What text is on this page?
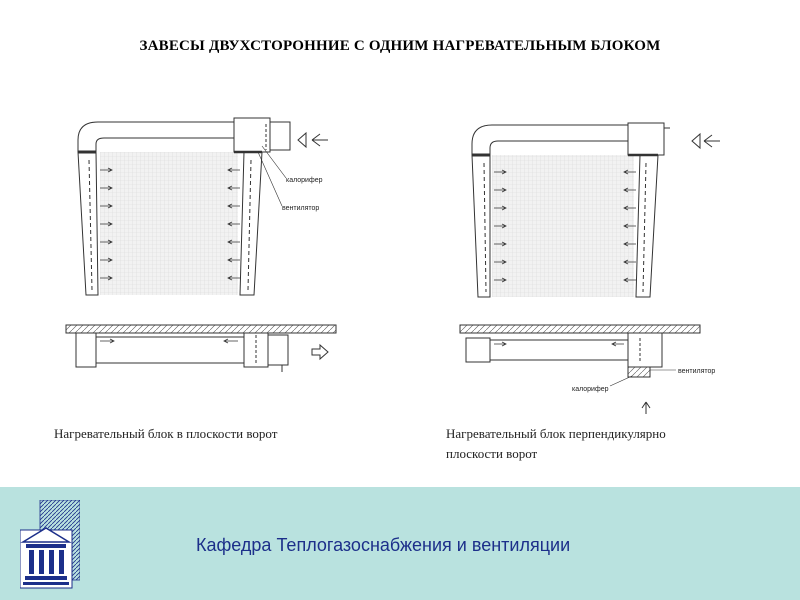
ЗАВЕСЫ ДВУХСТОРОННИЕ С ОДНИМ НАГРЕВАТЕЛЬНЫМ БЛОКОМ
калорифер
вентилятор
вентилятор
калорифер
Нагревательный блок в плоскости ворот	Нагревательный блок перпендикулярно
плоскости ворот
Кафедра Теплогазоснабжения и вентиляции
